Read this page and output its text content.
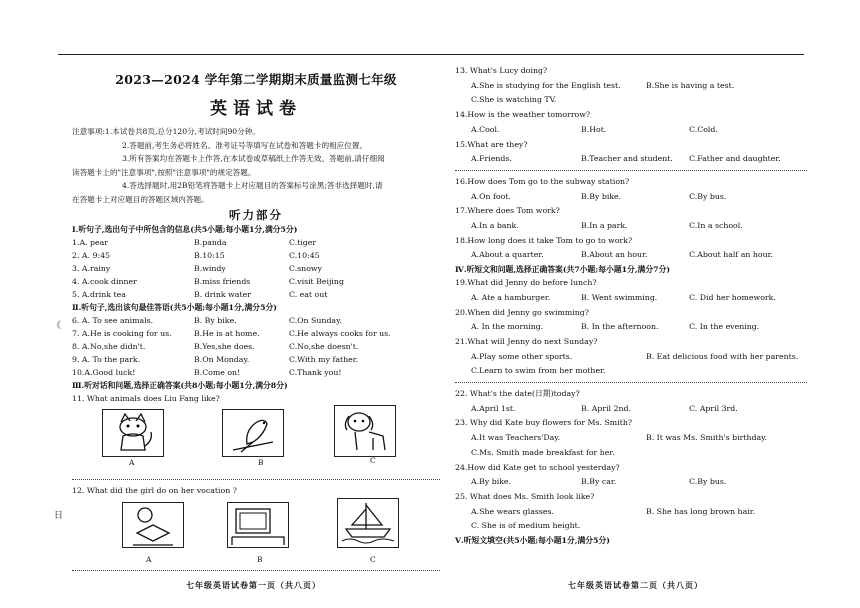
《
日
2023—2024 学年第二学期期末质量监测七年级
英语试卷
注意事项:1.本试卷共8页,总分120分,考试时间90分钟。
2.答题前,考生务必将姓名、准考证号等填写在试卷和答题卡的相应位置。
3.所有答案均在答题卡上作答,在本试卷或草稿纸上作答无效。答题前,请仔细阅
读答题卡上的"注意事项",按照"注意事项"的规定答题。
4.答选择题时,用2B铅笔将答题卡上对应题目的答案标号涂黑;答非选择题时,请
在答题卡上对应题目的答题区域内答题。
听力部分
Ⅰ.听句子,选出句子中所包含的信息(共5小题;每小题1分,满分5分)
1.A. pear	B.panda	C.tiger
2. A. 9:45	B.10:15	C.10:45
3. A.rainy	B.windy	C.snowy
4. A.cook dinner	B.miss friends	C.visit Beijing
5. A.drink tea	B. drink water	C. eat out
Ⅱ.听句子,选出该句最佳答语(共5小题;每小题1分,满分5分)
6. A. To see animals.	B. By bike.	C.On Sunday.
7. A.He is cooking for us.	B.He is at home.	C.He always cooks for us.
8. A.No,she didn't.	B.Yes,she does.	C.No,she doesn't.
9. A. To the park.	B.On Monday.	C.With my father.
10.A.Good luck!	B.Come on!	C.Thank you!
Ⅲ.听对话和问题,选择正确答案(共8小题;每小题1分,满分8分)
11. What animals does Liu Fang like?
A	B	C
12. What did the girl do on her vocation ?
A	B	C
七年级英语试卷第一页（共八页）
13. What's Lucy doing?
A.She is studying for the English test.	B.She is having a test.
C.She is watching TV.
14.How is the weather tomorrow?
A.Cool.	B.Hot.	C.Cold.
15.What are they?
A.Friends.	B.Teacher and student.	C.Father and daughter.
16.How does Tom go to the subway station?
A.On foot.	B.By bike.	C.By bus.
17.Where does Tom work?
A.In a bank.	B.In a park.	C.In a school.
18.How long does it take Tom to go to work?
A.About a quarter.	B.About an hour.	C.About half an hour.
Ⅳ.听短文和问题,选择正确答案(共7小题;每小题1分,满分7分)
19.What did Jenny do before lunch?
A. Ate a hamburger.	B. Went swimming.	C. Did her homework.
20.When did Jenny go swimming?
A. In the morning.	B. In the afternoon.	C. In the evening.
21.What will Jenny do next Sunday?
A.Play some other sports.	B. Eat delicious food with her parents.
C.Learn to swim from her mother.
22. What's the date(日期)today?
A.April 1st.	B. April 2nd.	C. April 3rd.
23. Why did Kate buy flowers for Ms. Smith?
A.It was Teachers'Day.	B. It was Ms. Smith's birthday.
C.Ms. Smith made breakfast for her.
24.How did Kate get to school yesterday?
A.By bike.	B.By car.	C.By bus.
25. What does Ms. Smith look like?
A.She wears glasses.	B. She has long brown hair.
C. She is of medium height.
Ⅴ.听短文填空(共5小题;每小题1分,满分5分)
七年级英语试卷第二页（共八页）
